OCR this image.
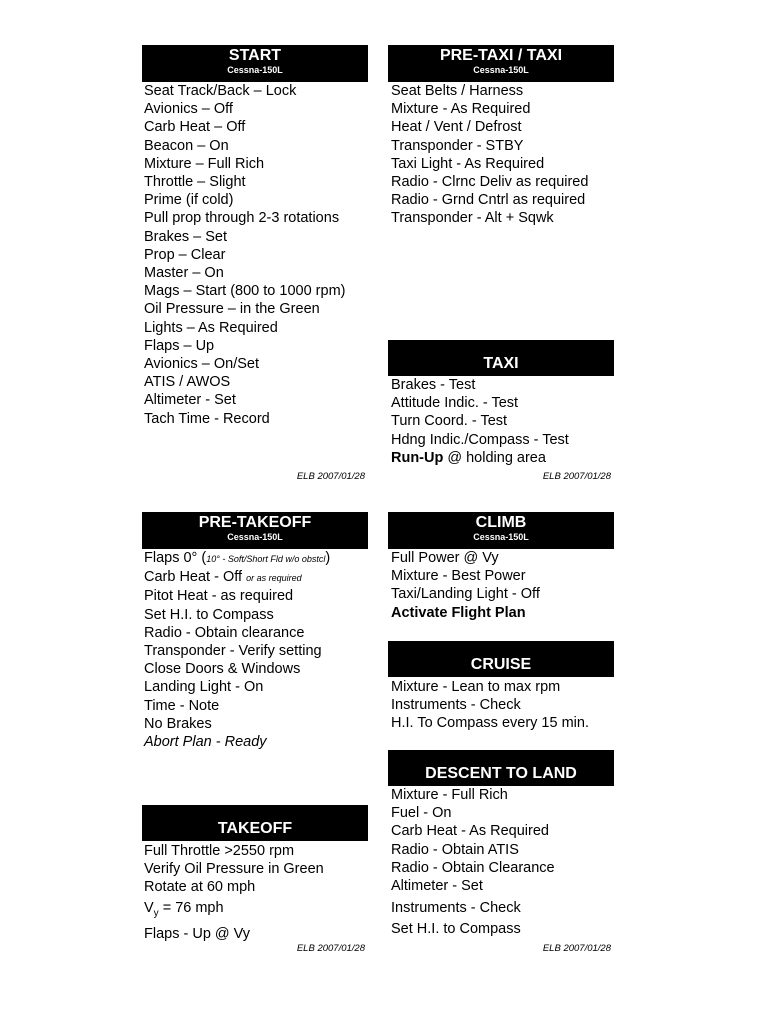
START
Cessna-150L
Seat Track/Back – Lock
Avionics – Off
Carb Heat – Off
Beacon – On
Mixture – Full Rich
Throttle – Slight
Prime (if cold)
Pull prop through 2-3 rotations
Brakes – Set
Prop – Clear
Master – On
Mags – Start (800 to 1000 rpm)
Oil Pressure – in the Green
Lights – As Required
Flaps – Up
Avionics – On/Set
ATIS / AWOS
Altimeter - Set
Tach Time - Record
ELB 2007/01/28
PRE-TAXI / TAXI
Cessna-150L
Seat Belts / Harness
Mixture - As Required
Heat / Vent / Defrost
Transponder - STBY
Taxi Light - As Required
Radio - Clrnc Deliv as required
Radio - Grnd Cntrl as required
Transponder - Alt + Sqwk
TAXI
Brakes - Test
Attitude Indic. - Test
Turn Coord. - Test
Hdng Indic./Compass - Test
Run-Up @ holding area
ELB 2007/01/28
PRE-TAKEOFF
Cessna-150L
Flaps 0° (10° - Soft/Short Fld w/o obstcl)
Carb Heat - Off or as required
Pitot Heat - as required
Set H.I. to Compass
Radio - Obtain clearance
Transponder - Verify setting
Close Doors & Windows
Landing Light - On
Time - Note
No Brakes
Abort Plan - Ready
TAKEOFF
Full Throttle >2550 rpm
Verify Oil Pressure in Green
Rotate at 60 mph
$V_y = 76$ mph
Flaps - Up @ Vy
ELB 2007/01/28
CLIMB
Cessna-150L
Full Power @ Vy
Mixture - Best Power
Taxi/Landing Light - Off
Activate Flight Plan
CRUISE
Mixture - Lean to max rpm
Instruments - Check
H.I. To Compass every 15 min.
DESCENT TO LAND
Mixture - Full Rich
Fuel - On
Carb Heat - As Required
Radio - Obtain ATIS
Radio - Obtain Clearance
Altimeter - Set
Instruments - Check
Set H.I. to Compass
ELB 2007/01/28
